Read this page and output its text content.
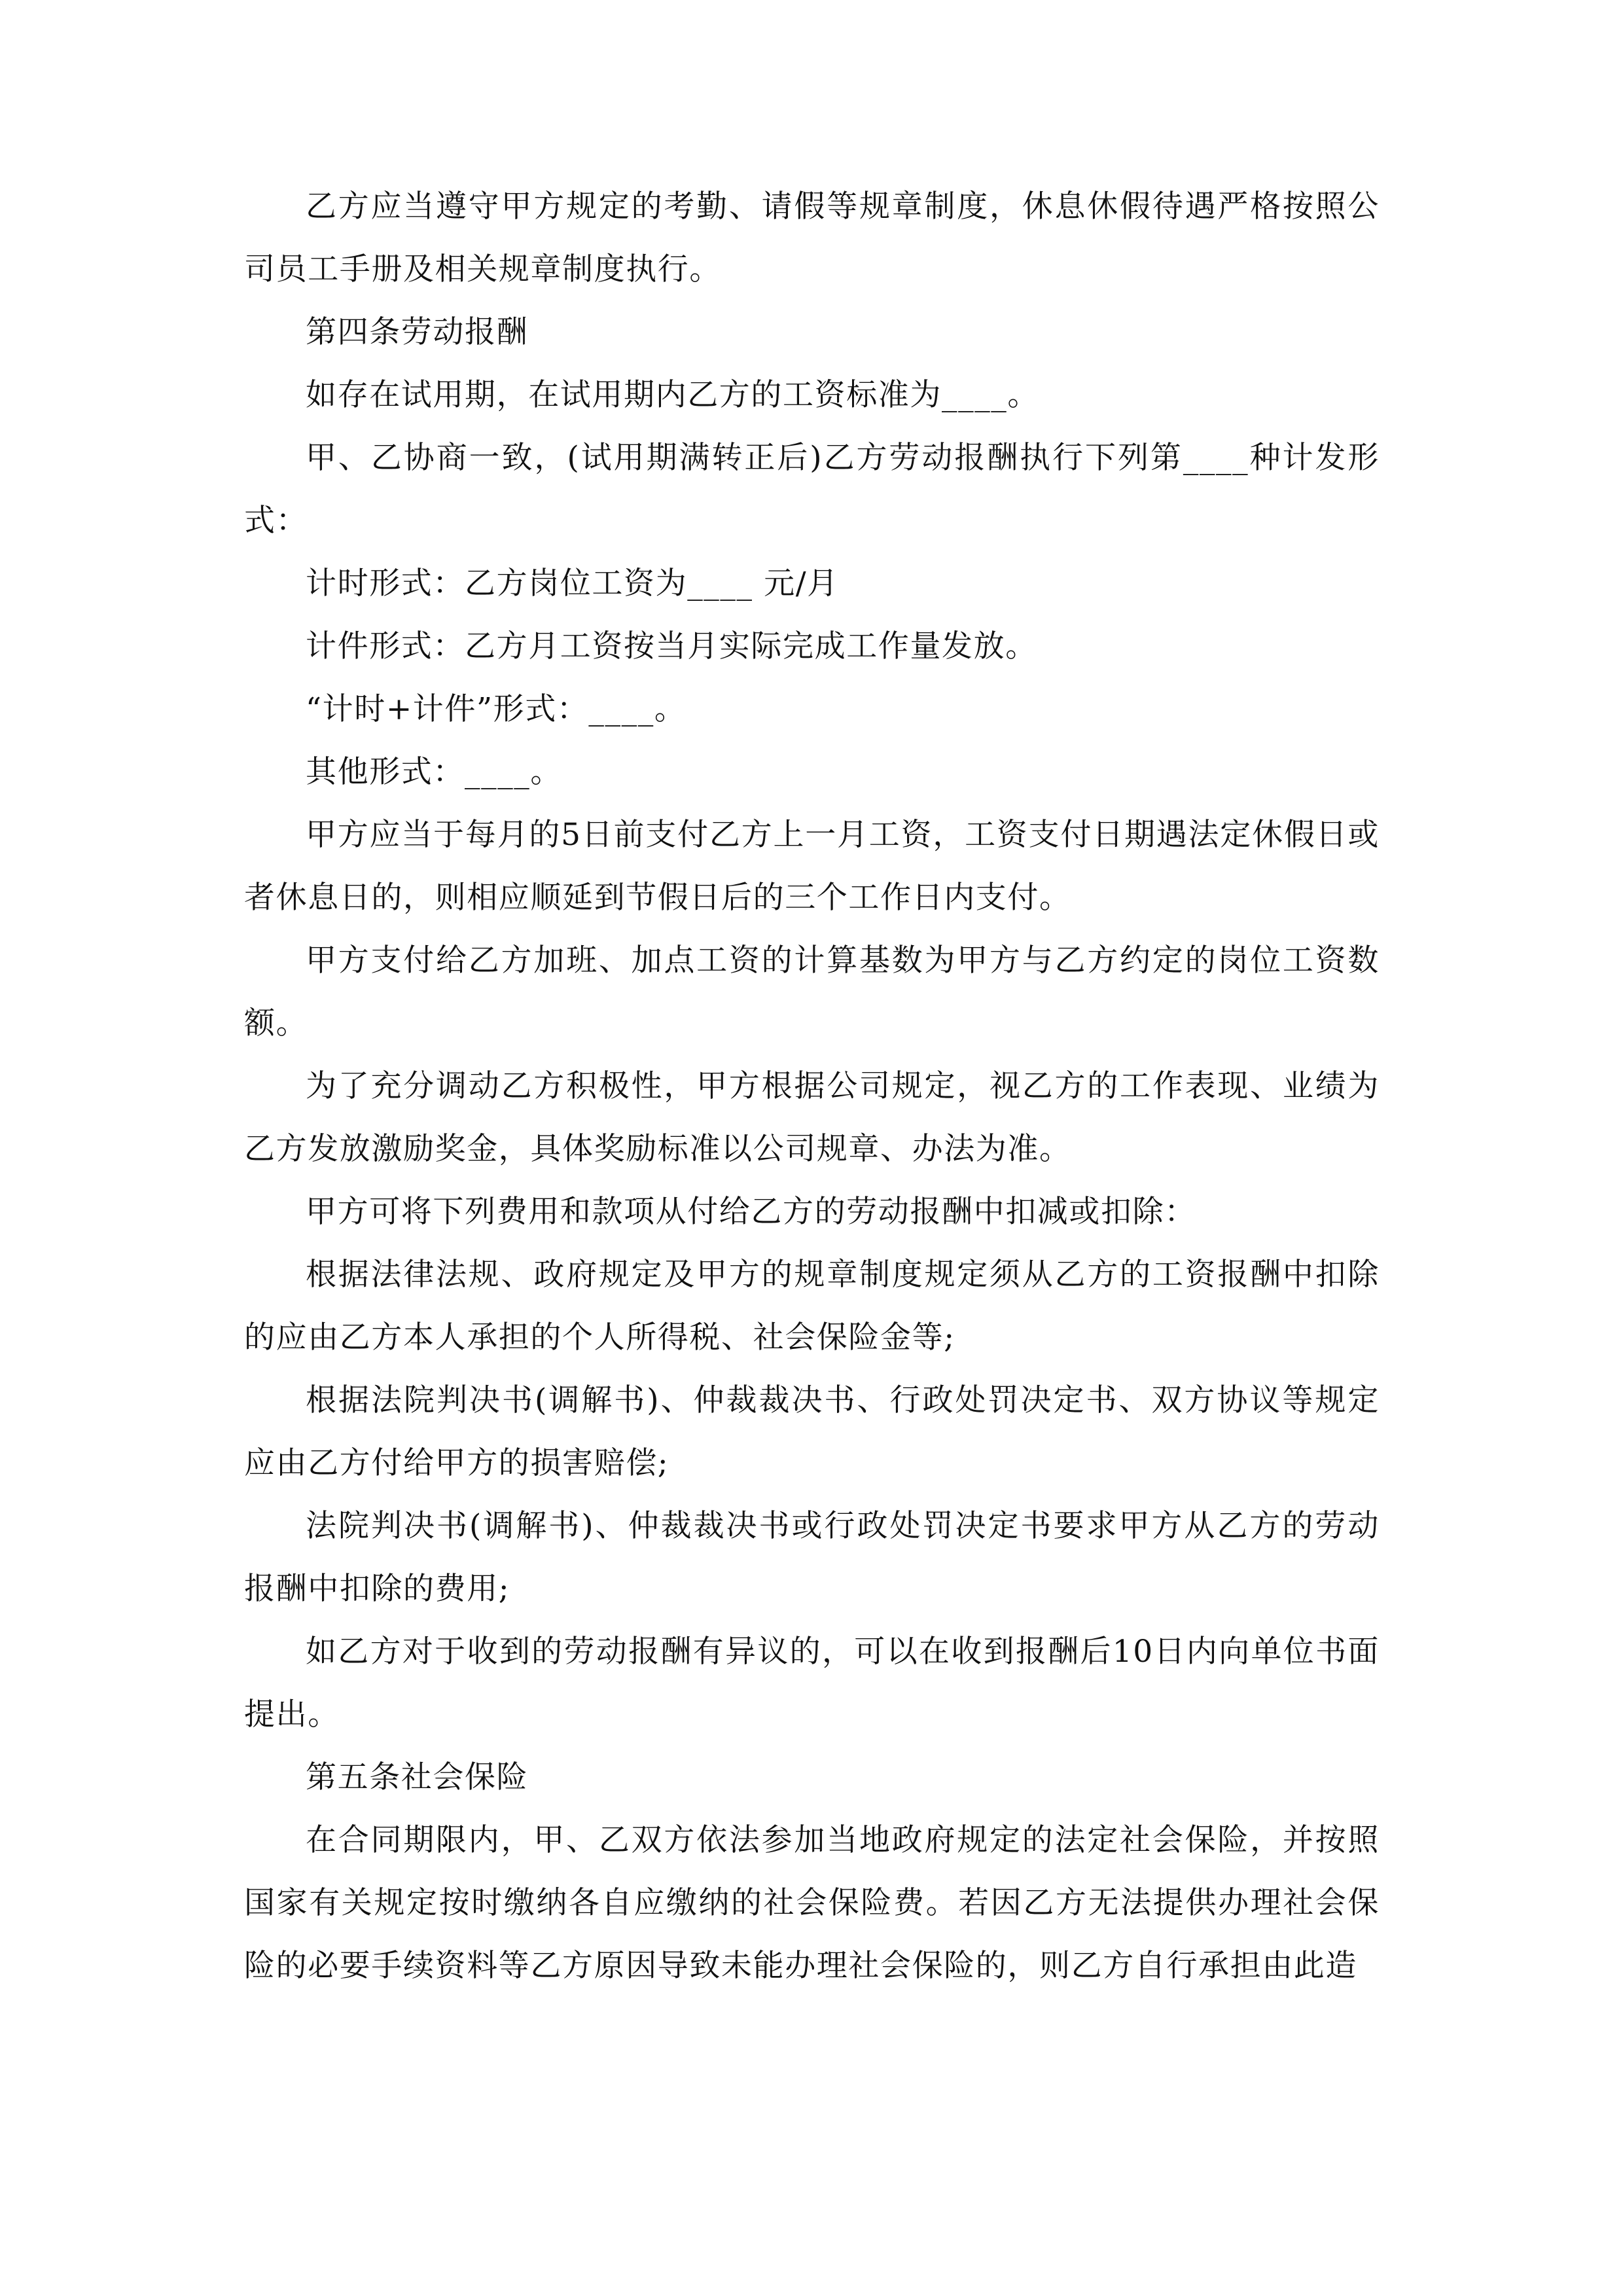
乙方应当遵守甲方规定的考勤、请假等规章制度，休息休假待遇严格按照公司员工手册及相关规章制度执行。

第四条劳动报酬

如存在试用期，在试用期内乙方的工资标准为____。

甲、乙协商一致，(试用期满转正后)乙方劳动报酬执行下列第____种计发形式：

计时形式：乙方岗位工资为____ 元/月

计件形式：乙方月工资按当月实际完成工作量发放。

“计时+计件”形式：____。

其他形式：____。

甲方应当于每月的5日前支付乙方上一月工资，工资支付日期遇法定休假日或者休息日的，则相应顺延到节假日后的三个工作日内支付。

甲方支付给乙方加班、加点工资的计算基数为甲方与乙方约定的岗位工资数额。

为了充分调动乙方积极性，甲方根据公司规定，视乙方的工作表现、业绩为乙方发放激励奖金，具体奖励标准以公司规章、办法为准。

甲方可将下列费用和款项从付给乙方的劳动报酬中扣减或扣除：

根据法律法规、政府规定及甲方的规章制度规定须从乙方的工资报酬中扣除的应由乙方本人承担的个人所得税、社会保险金等;

根据法院判决书(调解书)、仲裁裁决书、行政处罚决定书、双方协议等规定应由乙方付给甲方的损害赔偿;

法院判决书(调解书)、仲裁裁决书或行政处罚决定书要求甲方从乙方的劳动报酬中扣除的费用;

如乙方对于收到的劳动报酬有异议的，可以在收到报酬后10日内向单位书面提出。

第五条社会保险

在合同期限内，甲、乙双方依法参加当地政府规定的法定社会保险，并按照国家有关规定按时缴纳各自应缴纳的社会保险费。若因乙方无法提供办理社会保险的必要手续资料等乙方原因导致未能办理社会保险的，则乙方自行承担由此造
